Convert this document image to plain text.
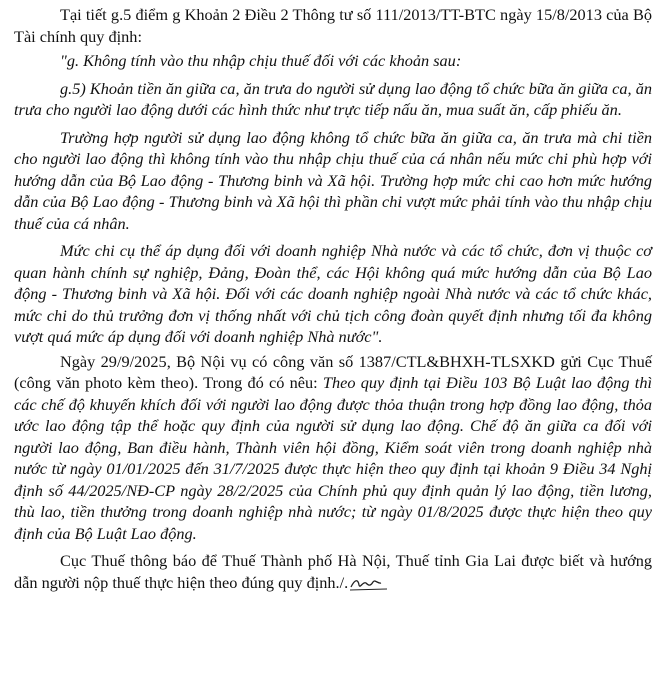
Tại tiết g.5 điểm g Khoản 2 Điều 2 Thông tư số 111/2013/TT-BTC ngày 15/8/2013 của Bộ Tài chính quy định:

"g. Không tính vào thu nhập chịu thuế đối với các khoản sau:

g.5) Khoản tiền ăn giữa ca, ăn trưa do người sử dụng lao động tổ chức bữa ăn giữa ca, ăn trưa cho người lao động dưới các hình thức như trực tiếp nấu ăn, mua suất ăn, cấp phiếu ăn.

Trường hợp người sử dụng lao động không tổ chức bữa ăn giữa ca, ăn trưa mà chi tiền cho người lao động thì không tính vào thu nhập chịu thuế của cá nhân nếu mức chi phù hợp với hướng dẫn của Bộ Lao động - Thương binh và Xã hội. Trường hợp mức chi cao hơn mức hướng dẫn của Bộ Lao động - Thương binh và Xã hội thì phần chi vượt mức phải tính vào thu nhập chịu thuế của cá nhân.

Mức chi cụ thể áp dụng đối với doanh nghiệp Nhà nước và các tổ chức, đơn vị thuộc cơ quan hành chính sự nghiệp, Đảng, Đoàn thể, các Hội không quá mức hướng dẫn của Bộ Lao động - Thương binh và Xã hội. Đối với các doanh nghiệp ngoài Nhà nước và các tổ chức khác, mức chi do thủ trưởng đơn vị thống nhất với chủ tịch công đoàn quyết định nhưng tối đa không vượt quá mức áp dụng đối với doanh nghiệp Nhà nước".

Ngày 29/9/2025, Bộ Nội vụ có công văn số 1387/CTL&BHXH-TLSXKD gửi Cục Thuế (công văn photo kèm theo). Trong đó có nêu: Theo quy định tại Điều 103 Bộ Luật lao động thì các chế độ khuyến khích đối với người lao động được thỏa thuận trong hợp đồng lao động, thỏa ước lao động tập thể hoặc quy định của người sử dụng lao động. Chế độ ăn giữa ca đối với người lao động, Ban điều hành, Thành viên hội đồng, Kiểm soát viên trong doanh nghiệp nhà nước từ ngày 01/01/2025 đến 31/7/2025 được thực hiện theo quy định tại khoản 9 Điều 34 Nghị định số 44/2025/NĐ-CP ngày 28/2/2025 của Chính phủ quy định quản lý lao động, tiền lương, thù lao, tiền thưởng trong doanh nghiệp nhà nước; từ ngày 01/8/2025 được thực hiện theo quy định của Bộ Luật Lao động.

Cục Thuế thông báo để Thuế Thành phố Hà Nội, Thuế tỉnh Gia Lai được biết và hướng dẫn người nộp thuế thực hiện theo đúng quy định./.
